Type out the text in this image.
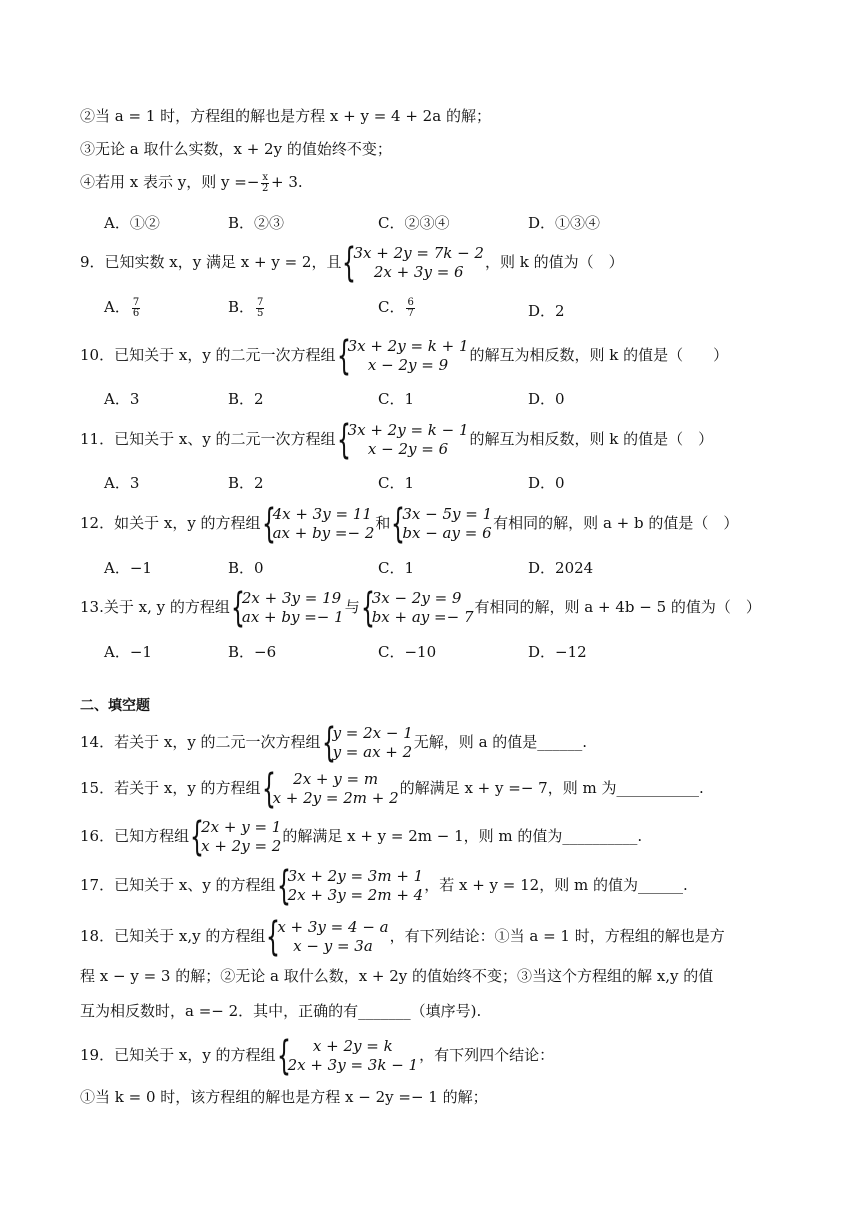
②当 a = 1 时，方程组的解也是方程 x + y = 4 + 2a 的解；
③无论 a 取什么实数，x + 2y 的值始终不变；
④若用 x 表示 y，则 $y =- \frac{x}{2} + 3$.
A．①②	B．②③	C．②③④	D．①③④
9．已知实数 x，y 满足 x + y = 2，且 {
3x + 2y = 7k − 2
2x + 3y = 6
，则 k 的值为（　）
A． $\frac{7}{6}$	B． $\frac{7}{5}$	C． $\frac{6}{7}$	D．2
10．已知关于 x，y 的二元一次方程组 {
3x + 2y = k + 1
x − 2y = 9
的解互为相反数，则 k 的值是（　　）
A．3	B．2	C．1	D．0
11．已知关于 x、y 的二元一次方程组 {
3x + 2y = k − 1
x − 2y = 6
的解互为相反数，则 k 的值是（　）
A．3	B．2	C．1	D．0
12．如关于 x，y 的方程组 {
4x + 3y = 11
ax + by =− 2
和 {
3x − 5y = 1
bx − ay = 6
有相同的解，则 a + b 的值是（　）
A．−1	B．0	C．1	D．2024
13.关于 x, y 的方程组 {
2x + 3y = 19
ax + by =− 1
与 {
3x − 2y = 9
bx + ay =− 7
有相同的解，则 a + 4b − 5 的值为（　）
A．−1	B．−6	C．−10	D．−12
二、填空题
14．若关于 x，y 的二元一次方程组 {
y = 2x − 1
y = ax + 2
无解，则 a 的值是______.
15．若关于 x，y 的方程组 {	2x + y = m
x + 2y = 2m + 2
的解满足 x + y =− 7，则 m 为___________.
16．已知方程组 {
2x + y = 1
x + 2y = 2
的解满足 x + y = 2m − 1，则 m 的值为__________.
17．已知关于 x、y 的方程组 {
3x + 2y = 3m + 1
2x + 3y = 2m + 4
，若 x + y = 12，则 m 的值为______.
18．已知关于 x,y 的方程组 {
x + 3y = 4 − a
x − y = 3a
，有下列结论：①当 a = 1 时，方程组的解也是方
程 x − y = 3 的解；②无论 a 取什么数，x + 2y 的值始终不变；③当这个方程组的解 x,y 的值
互为相反数时，a =− 2．其中，正确的有_______（填序号).
19．已知关于 x，y 的方程组 {	x + 2y = k
2x + 3y = 3k − 1
，有下列四个结论：
①当 k = 0 时，该方程组的解也是方程 x − 2y =− 1 的解；
